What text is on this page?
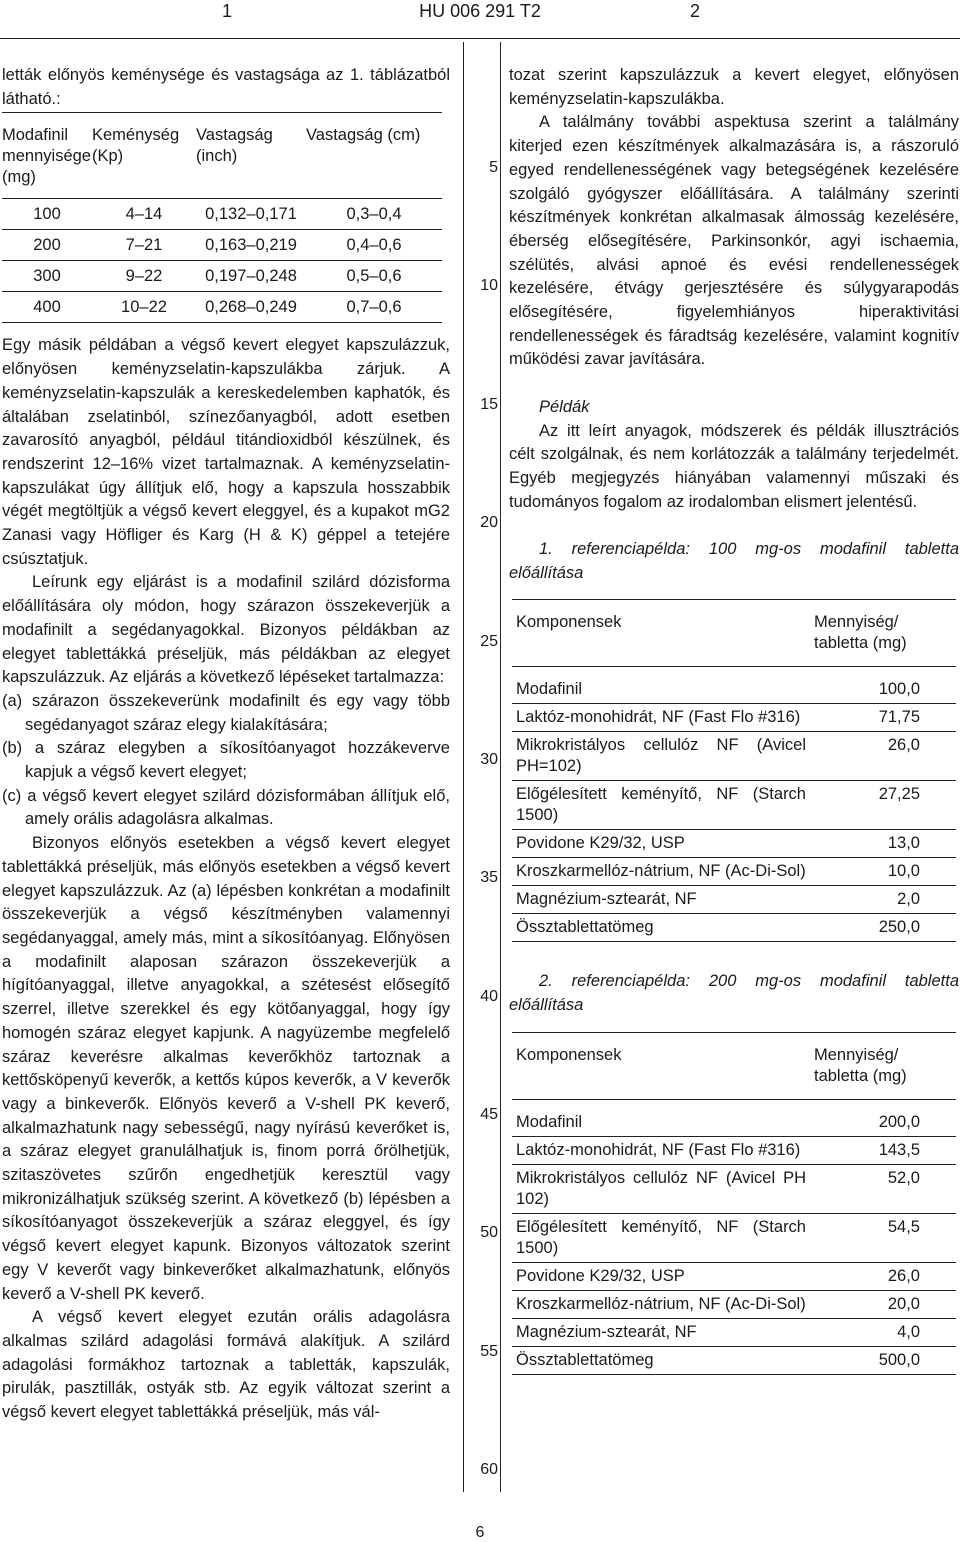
1	HU 006 291 T2	2

letták előnyös keménysége és vastagsága az 1. táblázatból látható.:

Modafinil mennyisége (mg)	Keménység (Kp)	Vastagság (inch)	Vastagság (cm)
100	4–14	0,132–0,171	0,3–0,4
200	7–21	0,163–0,219	0,4–0,6
300	9–22	0,197–0,248	0,5–0,6
400	10–22	0,268–0,249	0,7–0,6

Egy másik példában a végső kevert elegyet kapszulázzuk, előnyösen keményzselatin-kapszulákba zárjuk. A keményzselatin-kapszulák a kereskedelemben kaphatók, és általában zselatinból, színezőanyagból, adott esetben zavarosító anyagból, például titándioxidból készülnek, és rendszerint 12–16% vizet tartalmaznak. A keményzselatin-kapszulákat úgy állítjuk elő, hogy a kapszula hosszabbik végét megtöltjük a végső kevert eleggyel, és a kupakot mG2 Zanasi vagy Höfliger és Karg (H & K) géppel a tetejére csúsztatjuk.

Leírunk egy eljárást is a modafinil szilárd dózisforma előállítására oly módon, hogy szárazon összekeverjük a modafinilt a segédanyagokkal. Bizonyos példákban az elegyet tablettákká préseljük, más példákban az elegyet kapszulázzuk. Az eljárás a következő lépéseket tartalmazza:

(a) szárazon összekeverünk modafinilt és egy vagy több segédanyagot száraz elegy kialakítására;

(b) a száraz elegyben a síkosítóanyagot hozzákeverve kapjuk a végső kevert elegyet;

(c) a végső kevert elegyet szilárd dózisformában állítjuk elő, amely orális adagolásra alkalmas.

Bizonyos előnyös esetekben a végső kevert elegyet tablettákká préseljük, más előnyös esetekben a végső kevert elegyet kapszulázzuk. Az (a) lépésben konkrétan a modafinilt összekeverjük a végső készítményben valamennyi segédanyaggal, amely más, mint a síkosítóanyag. Előnyösen a modafinilt alaposan szárazon összekeverjük a hígítóanyaggal, illetve anyagokkal, a szétesést elősegítő szerrel, illetve szerekkel és egy kötőanyaggal, hogy így homogén száraz elegyet kapjunk. A nagyüzembe megfelelő száraz keverésre alkalmas keverőkhöz tartoznak a kettősköpenyű keverők, a kettős kúpos keverők, a V keverők vagy a binkeverők. Előnyös keverő a V-shell PK keverő, alkalmazhatunk nagy sebességű, nagy nyírású keverőket is, a száraz elegyet granulálhatjuk is, finom porrá őrölhetjük, szitaszövetes szűrőn engedhetjük keresztül vagy mikronizálhatjuk szükség szerint. A következő (b) lépésben a síkosítóanyagot összekeverjük a száraz eleggyel, és így végső kevert elegyet kapunk. Bizonyos változatok szerint egy V keverőt vagy binkeverőket alkalmazhatunk, előnyös keverő a V-shell PK keverő.

A végső kevert elegyet ezután orális adagolásra alkalmas szilárd adagolási formává alakítjuk. A szilárd adagolási formákhoz tartoznak a tabletták, kapszulák, pirulák, pasztillák, ostyák stb. Az egyik változat szerint a végső kevert elegyet tablettákká préseljük, más vál-

5
10
15
20
25
30
35
40
45
50
55
60

tozat szerint kapszulázzuk a kevert elegyet, előnyösen keményzselatin-kapszulákba.

A találmány további aspektusa szerint a találmány kiterjed ezen készítmények alkalmazására is, a rászoruló egyed rendellenességének vagy betegségének kezelésére szolgáló gyógyszer előállítására. A találmány szerinti készítmények konkrétan alkalmasak álmosság kezelésére, éberség elősegítésére, Parkinsonkór, agyi ischaemia, szélütés, alvási apnoé és evési rendellenességek kezelésére, étvágy gerjesztésére és súlygyarapodás elősegítésére, figyelemhiányos hiperaktivitási rendellenességek és fáradtság kezelésére, valamint kognitív működési zavar javítására.

Példák

Az itt leírt anyagok, módszerek és példák illusztrációs célt szolgálnak, és nem korlátozzák a találmány terjedelmét. Egyéb megjegyzés hiányában valamennyi műszaki és tudományos fogalom az irodalomban elismert jelentésű.

1. referenciapélda: 100 mg-os modafinil tabletta előállítása

Komponensek	Mennyiség/ tabletta (mg)
Modafinil	100,0
Laktóz-monohidrát, NF (Fast Flo #316)	71,75
Mikrokristályos cellulóz NF (Avicel PH=102)	26,0
Előgélesített keményítő, NF (Starch 1500)	27,25
Povidone K29/32, USP	13,0
Kroszkarmellóz-nátrium, NF (Ac-Di-Sol)	10,0
Magnézium-sztearát, NF	2,0
Össztablettatömeg	250,0

2. referenciapélda: 200 mg-os modafinil tabletta előállítása

Komponensek	Mennyiség/ tabletta (mg)
Modafinil	200,0
Laktóz-monohidrát, NF (Fast Flo #316)	143,5
Mikrokristályos cellulóz NF (Avicel PH 102)	52,0
Előgélesített keményítő, NF (Starch 1500)	54,5
Povidone K29/32, USP	26,0
Kroszkarmellóz-nátrium, NF (Ac-Di-Sol)	20,0
Magnézium-sztearát, NF	4,0
Össztablettatömeg	500,0
6
